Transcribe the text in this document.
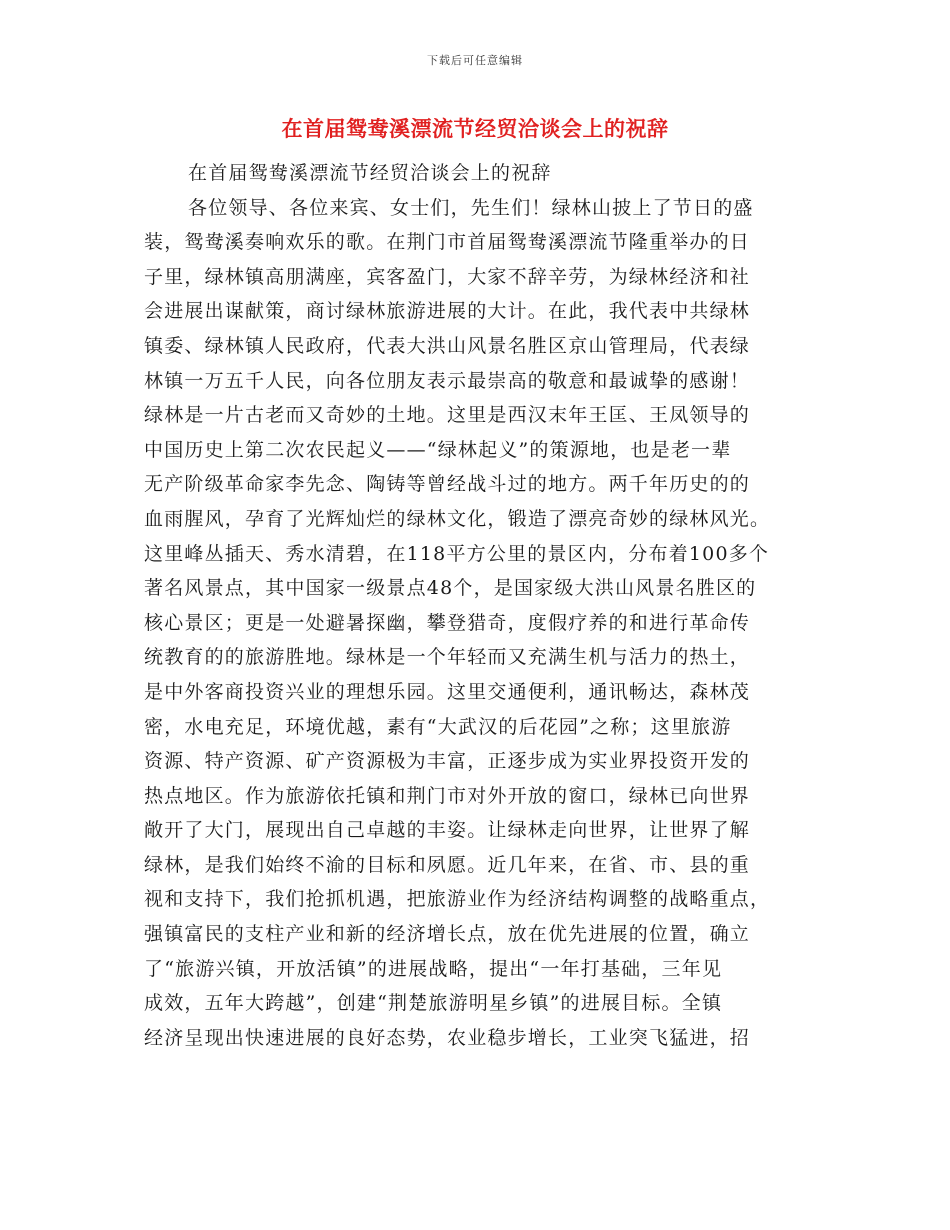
下载后可任意编辑
在首届鸳鸯溪漂流节经贸洽谈会上的祝辞
在首届鸳鸯溪漂流节经贸洽谈会上的祝辞
各位领导、各位来宾、女士们，先生们！绿林山披上了节日的盛
装，鸳鸯溪奏响欢乐的歌。在荆门市首届鸳鸯溪漂流节隆重举办的日
子里，绿林镇高朋满座，宾客盈门，大家不辞辛劳，为绿林经济和社
会进展出谋献策，商讨绿林旅游进展的大计。在此，我代表中共绿林
镇委、绿林镇人民政府，代表大洪山风景名胜区京山管理局，代表绿
林镇一万五千人民，向各位朋友表示最崇高的敬意和最诚挚的感谢！
绿林是一片古老而又奇妙的土地。这里是西汉末年王匡、王凤领导的
中国历史上第二次农民起义——“绿林起义”的策源地，也是老一辈
无产阶级革命家李先念、陶铸等曾经战斗过的地方。两千年历史的的
血雨腥风，孕育了光辉灿烂的绿林文化，锻造了漂亮奇妙的绿林风光。
这里峰丛插天、秀水清碧，在118平方公里的景区内，分布着100多个
著名风景点，其中国家一级景点48个，是国家级大洪山风景名胜区的
核心景区；更是一处避暑探幽，攀登猎奇，度假疗养的和进行革命传
统教育的的旅游胜地。绿林是一个年轻而又充满生机与活力的热土，
是中外客商投资兴业的理想乐园。这里交通便利，通讯畅达，森林茂
密，水电充足，环境优越，素有“大武汉的后花园”之称；这里旅游
资源、特产资源、矿产资源极为丰富，正逐步成为实业界投资开发的
热点地区。作为旅游依托镇和荆门市对外开放的窗口，绿林已向世界
敞开了大门，展现出自己卓越的丰姿。让绿林走向世界，让世界了解
绿林，是我们始终不渝的目标和夙愿。近几年来，在省、市、县的重
视和支持下，我们抢抓机遇，把旅游业作为经济结构调整的战略重点，
强镇富民的支柱产业和新的经济增长点，放在优先进展的位置，确立
了“旅游兴镇，开放活镇”的进展战略，提出“一年打基础，三年见
成效，五年大跨越”，创建“荆楚旅游明星乡镇”的进展目标。全镇
经济呈现出快速进展的良好态势，农业稳步增长，工业突飞猛进，招
